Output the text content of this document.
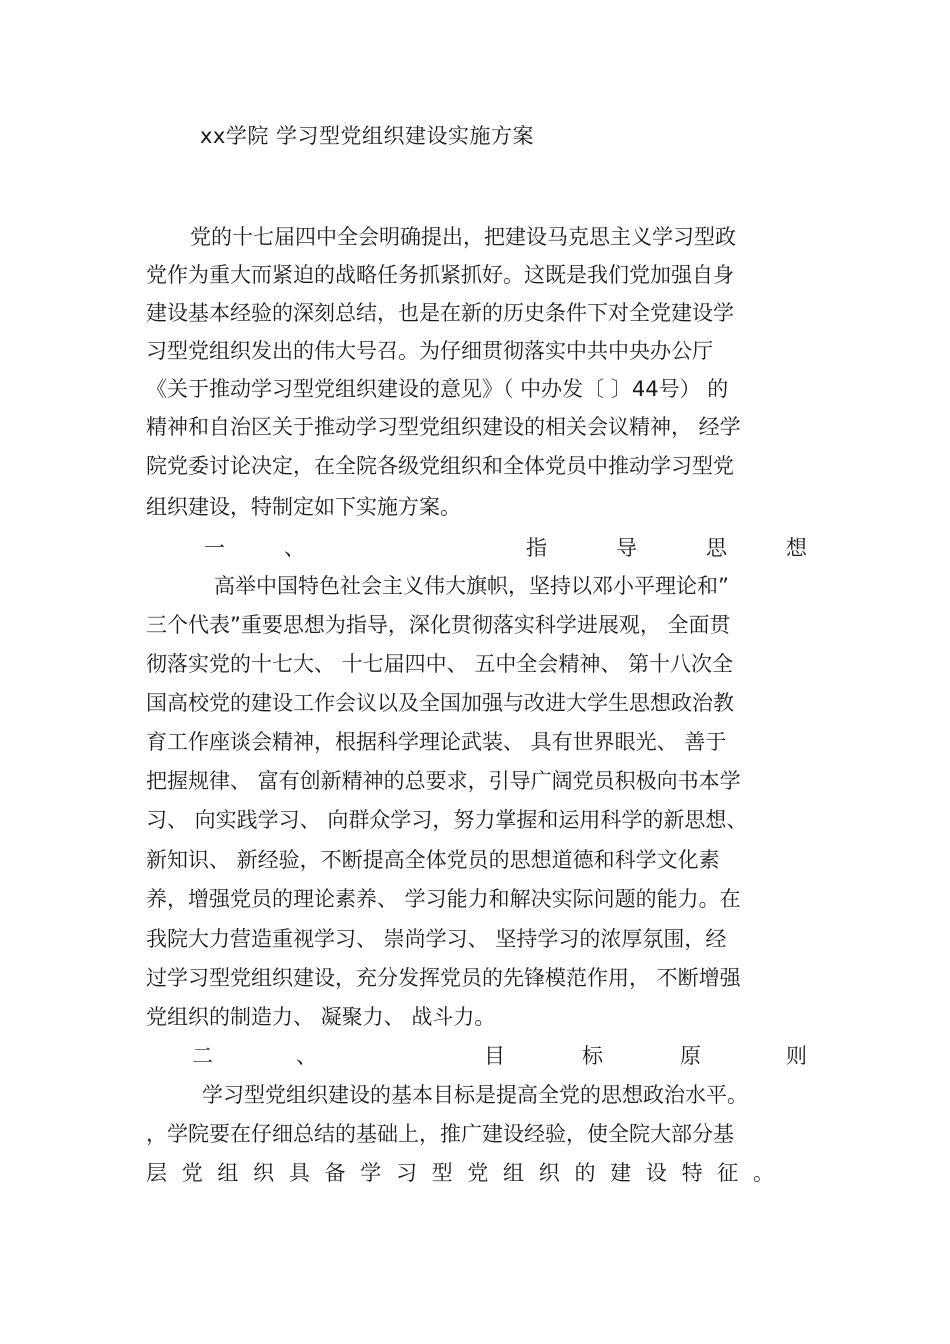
xx学院 学习型党组织建设实施方案
党的十七届四中全会明确提出，把建设马克思主义学习型政
党作为重大而紧迫的战略任务抓紧抓好。这既是我们党加强自身
建设基本经验的深刻总结，也是在新的历史条件下对全党建设学
习型党组织发出的伟大号召。为仔细贯彻落实中共中央办公厅
《关于推动学习型党组织建设的意见》（ 中办发〔 〕44号） 的
精神和自治区关于推动学习型党组织建设的相关会议精神， 经学
院党委讨论决定，在全院各级党组织和全体党员中推动学习型党
组织建设，特制定如下实施方案。
一	、	指	导	思	想
高举中国特色社会主义伟大旗帜，坚持以邓小平理论和”
三个代表”重要思想为指导，深化贯彻落实科学进展观， 全面贯
彻落实党的十七大、 十七届四中、 五中全会精神、 第十八次全
国高校党的建设工作会议以及全国加强与改进大学生思想政治教
育工作座谈会精神，根据科学理论武装、 具有世界眼光、 善于
把握规律、 富有创新精神的总要求，引导广阔党员积极向书本学
习、 向实践学习、 向群众学习，努力掌握和运用科学的新思想、
新知识、 新经验，不断提高全体党员的思想道德和科学文化素
养，增强党员的理论素养、 学习能力和解决实际问题的能力。在
我院大力营造重视学习、 崇尚学习、 坚持学习的浓厚氛围，经
过学习型党组织建设，充分发挥党员的先锋模范作用， 不断增强
党组织的制造力、 凝聚力、 战斗力。
二	、	目	标	原	则
学习型党组织建设的基本目标是提高全党的思想政治水平。
，学院要在仔细总结的基础上，推广建设经验，使全院大部分基
层党组织具备学习型党组织的建设特征。
